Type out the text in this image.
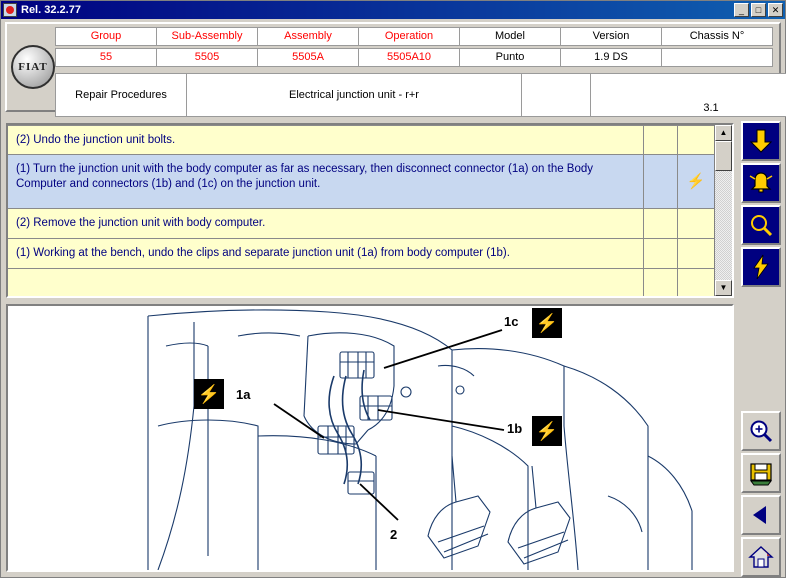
Rel. 32.2.77	_	□	✕
FIAT
Group	Sub-Assembly	Assembly	Operation	Model	Version	Chassis N°
55	5505	5505A	5505A10	Punto	1.9 DS
Repair Procedures	Electrical junction unit - r+r
3.1
(2) Undo the junction unit bolts.
(1) Turn the junction unit with the body computer as far as necessary, then disconnect connector (1a) on the Body Computer and connectors (1b) and (1c) on the junction unit.	⚡
(2) Remove the junction unit with body computer.
(1) Working at the bench, undo the clips and separate junction unit (1a) from body computer (1b).
▲
▼
1c
1a
1b
2
⚡
⚡
⚡
